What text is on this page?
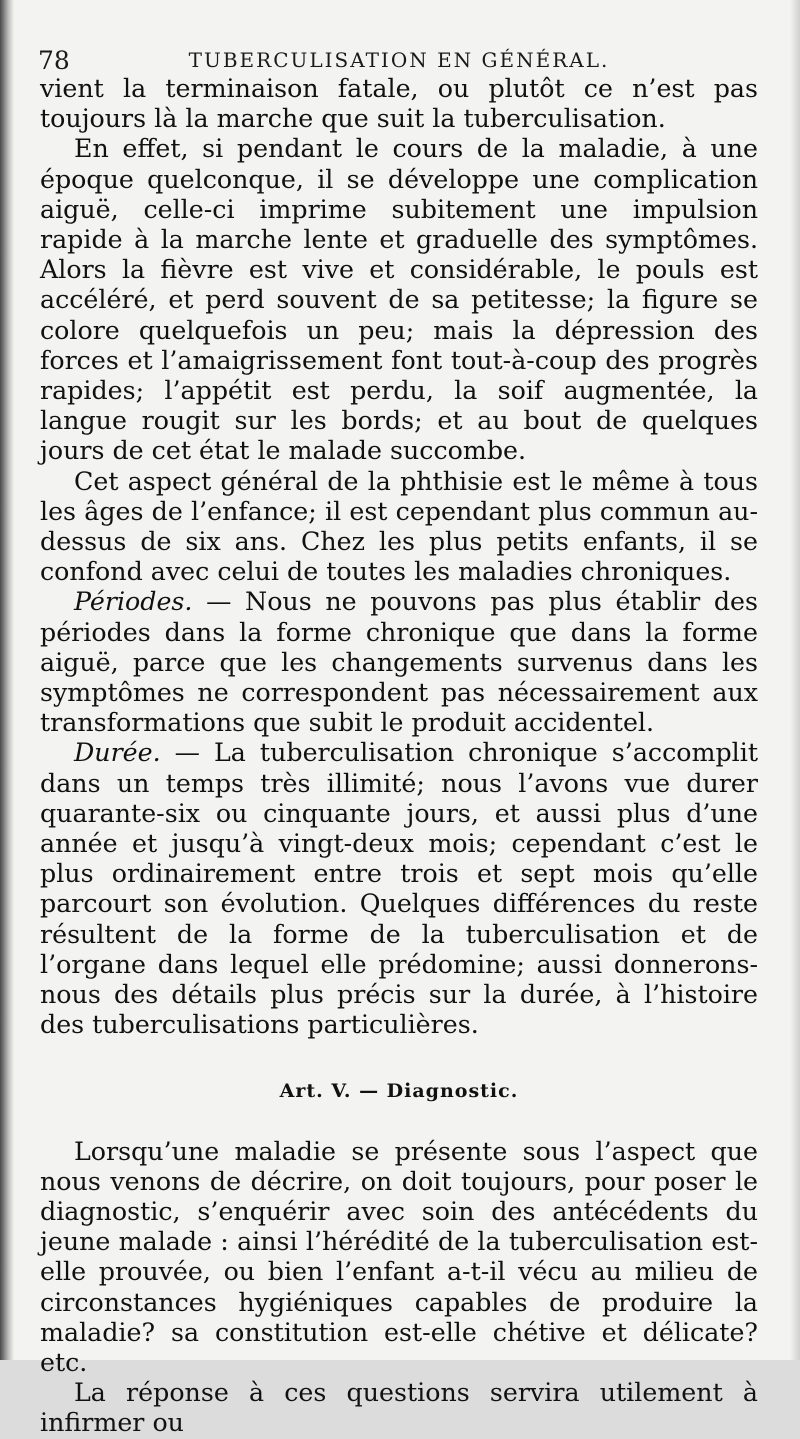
78	TUBERCULISATION EN GÉNÉRAL.

vient la terminaison fatale, ou plutôt ce n’est pas toujours là la marche que suit la tuberculisation.

En effet, si pendant le cours de la maladie, à une époque quelconque, il se développe une complication aiguë, celle-ci imprime subitement une impulsion rapide à la marche lente et graduelle des symptômes. Alors la fièvre est vive et considérable, le pouls est accéléré, et perd souvent de sa petitesse; la figure se colore quelquefois un peu; mais la dépression des forces et l’amaigrissement font tout-à-coup des progrès rapides; l’appétit est perdu, la soif augmentée, la langue rougit sur les bords; et au bout de quelques jours de cet état le malade succombe.

Cet aspect général de la phthisie est le même à tous les âges de l’enfance; il est cependant plus commun au-dessus de six ans. Chez les plus petits enfants, il se confond avec celui de toutes les maladies chroniques.

Périodes. — Nous ne pouvons pas plus établir des périodes dans la forme chronique que dans la forme aiguë, parce que les changements survenus dans les symptômes ne correspondent pas nécessairement aux transformations que subit le produit accidentel.

Durée. — La tuberculisation chronique s’accomplit dans un temps très illimité; nous l’avons vue durer quarante-six ou cinquante jours, et aussi plus d’une année et jusqu’à vingt-deux mois; cependant c’est le plus ordinairement entre trois et sept mois qu’elle parcourt son évolution. Quelques différences du reste résultent de la forme de la tuberculisation et de l’organe dans lequel elle prédomine; aussi donnerons-nous des détails plus précis sur la durée, à l’histoire des tuberculisations particulières.

Art. V. — Diagnostic.

Lorsqu’une maladie se présente sous l’aspect que nous venons de décrire, on doit toujours, pour poser le diagnostic, s’enquérir avec soin des antécédents du jeune malade : ainsi l’hérédité de la tuberculisation est-elle prouvée, ou bien l’enfant a-t-il vécu au milieu de circonstances hygiéniques capables de produire la maladie? sa constitution est-elle chétive et délicate? etc.

La réponse à ces questions servira utilement à infirmer ou
